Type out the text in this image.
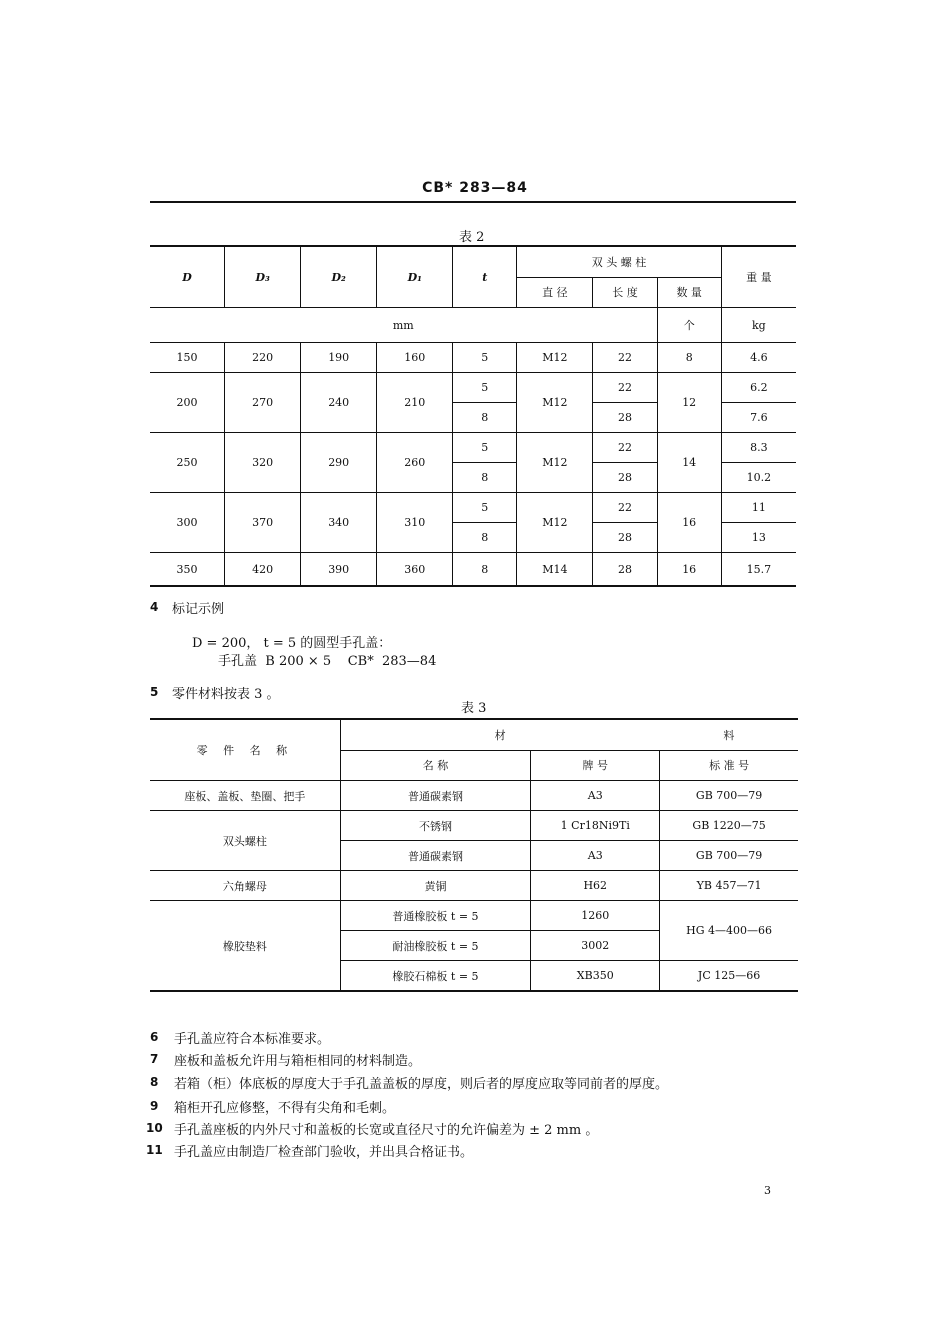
CB* 283—84
表 2
D	D₃	D₂	D₁	t	双 头 螺 柱			重 量
					直 径	长 度	数 量	
mm							个	kg
150	220	190	160	5	M12	22	8	4.6
200	270	240	210	5	M12	22	12	6.2
				8		28		7.6
250	320	290	260	5	M12	22	14	8.3
				8		28		10.2
300	370	340	310	5	M12	22	16	11
				8		28		13
350	420	390	360	8	M14	28	16	15.7
4 标记示例
D = 200， t = 5 的圆型手孔盖：
手孔盖  B 200 × 5    CB*  283—84
5 零件材料按表 3 。
表 3
零 件 名 称	材		料
	名 称	牌 号	标 准 号
座板、盖板、垫圈、把手	普通碳素钢	A3	GB 700—79
双头螺柱	不锈钢	1 Cr18Ni9Ti	GB 1220—75
	普通碳素钢	A3	GB 700—79
六角螺母	黄铜	H62	YB 457—71
橡胶垫料	普通橡胶板 t = 5	1260	HG 4—400—66
	耐油橡胶板 t = 5	3002	
	橡胶石棉板 t = 5	XB350	JC 125—66
6 手孔盖应符合本标准要求。
7 座板和盖板允许用与箱柜相同的材料制造。
8 若箱（柜）体底板的厚度大于手孔盖盖板的厚度，则后者的厚度应取等同前者的厚度。
9 箱柜开孔应修整，不得有尖角和毛刺。
10 手孔盖座板的内外尺寸和盖板的长宽或直径尺寸的允许偏差为 ± 2 mm 。
11 手孔盖应由制造厂检查部门验收，并出具合格证书。
3
